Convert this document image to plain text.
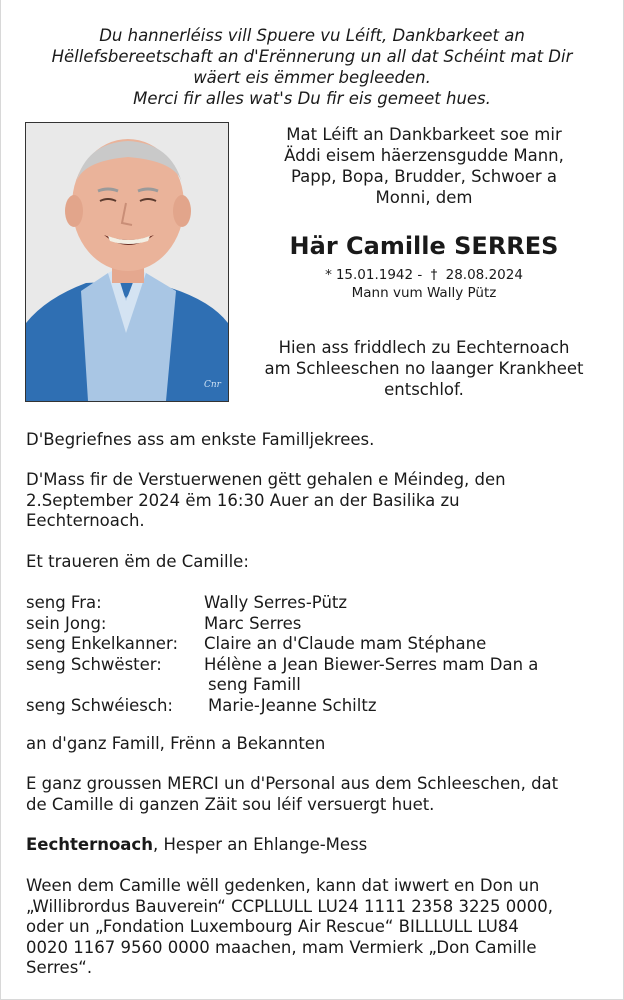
Du hannerléiss vill Spuere vu Léift, Dankbarkeet an
Hëllefsbereetschaft an d'Erënnerung un all dat Schéint mat Dir
wäert eis ëmmer begleeden.
Merci fir alles wat's Du fir eis gemeet hues.
Cnr
Mat Léift an Dankbarkeet soe mir
Äddi eisem häerzensgudde Mann,
Papp, Bopa, Brudder, Schwoer a
Monni, dem
Här Camille SERRES
* 15.01.1942 - † 28.08.2024
Mann vum Wally Pütz
Hien ass friddlech zu Eechternoach
am Schleeschen no laanger Krankheet
entschlof.
D'Begriefnes ass am enkste Familljekrees.
D'Mass fir de Verstuerwenen gëtt gehalen e Méindeg, den
2.September 2024 ëm 16:30 Auer an der Basilika zu
Eechternoach.
Et traueren ëm de Camille:
seng Fra:	Wally Serres-Pütz
sein Jong:	Marc Serres
seng Enkelkanner: Claire an d'Claude mam Stéphane
seng Schwëster:	Hélène a Jean Biewer-Serres mam Dan a
seng Famill
seng Schwéiesch: Marie-Jeanne Schiltz
an d'ganz Famill, Frënn a Bekannten
E ganz groussen MERCI un d'Personal aus dem Schleeschen, dat
de Camille di ganzen Zäit sou léif versuergt huet.
Eechternoach, Hesper an Ehlange-Mess
Ween dem Camille wëll gedenken, kann dat iwwert en Don un
„Willibrordus Bauverein“ CCPLLULL LU24 1111 2358 3225 0000,
oder un „Fondation Luxembourg Air Rescue“ BILLLULL LU84
0020 1167 9560 0000 maachen, mam Vermierk „Don Camille
Serres“.
